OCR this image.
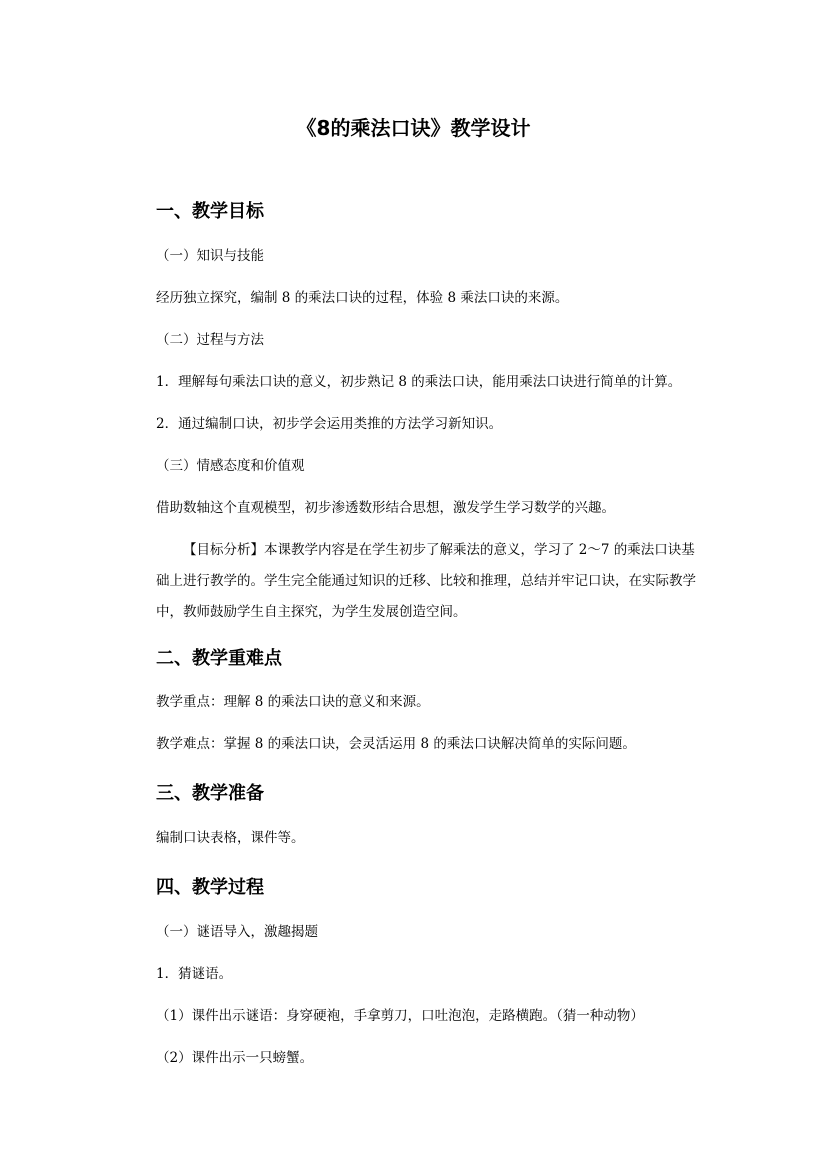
《8的乘法口诀》教学设计
一、教学目标
（一）知识与技能
经历独立探究，编制 8 的乘法口诀的过程，体验 8 乘法口诀的来源。
（二）过程与方法
1．理解每句乘法口诀的意义，初步熟记 8 的乘法口诀，能用乘法口诀进行简单的计算。
2．通过编制口诀，初步学会运用类推的方法学习新知识。
（三）情感态度和价值观
借助数轴这个直观模型，初步渗透数形结合思想，激发学生学习数学的兴趣。

【目标分析】本课教学内容是在学生初步了解乘法的意义，学习了 2～7 的乘法口诀基础上进行教学的。学生完全能通过知识的迁移、比较和推理，总结并牢记口诀，在实际教学中，教师鼓励学生自主探究，为学生发展创造空间。

二、教学重难点
教学重点：理解 8 的乘法口诀的意义和来源。
教学难点：掌握 8 的乘法口诀，会灵活运用 8 的乘法口诀解决简单的实际问题。
三、教学准备
编制口诀表格，课件等。
四、教学过程
（一）谜语导入，激趣揭题
1．猜谜语。
（1）课件出示谜语：身穿硬袍，手拿剪刀，口吐泡泡，走路横跑。（猜一种动物）
（2）课件出示一只螃蟹。
